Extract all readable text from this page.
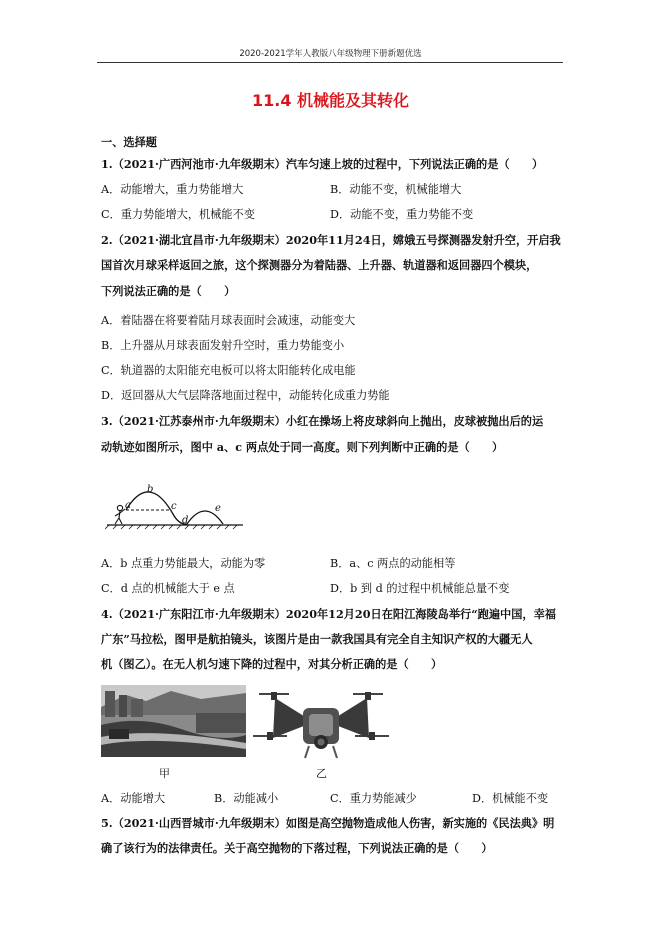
2020-2021学年人教版八年级物理下册新题优选
11.4 机械能及其转化
一、选择题
1.（2021·广西河池市·九年级期末）汽车匀速上坡的过程中，下列说法正确的是（　　）
A．动能增大，重力势能增大	B．动能不变，机械能增大
C．重力势能增大，机械能不变	D．动能不变，重力势能不变
2.（2021·湖北宜昌市·九年级期末）2020年11月24日，嫦娥五号探测器发射升空，开启我
国首次月球采样返回之旅，这个探测器分为着陆器、上升器、轨道器和返回器四个模块，
下列说法正确的是（　　）
A．着陆器在将要着陆月球表面时会减速，动能变大
B．上升器从月球表面发射升空时，重力势能变小
C．轨道器的太阳能充电板可以将太阳能转化成电能
D．返回器从大气层降落地面过程中，动能转化成重力势能
3.（2021·江苏泰州市·九年级期末）小红在操场上将皮球斜向上抛出，皮球被抛出后的运
动轨迹如图所示，图中 a、c 两点处于同一高度。则下列判断中正确的是（　　）
a
b
c
d
e
A．b 点重力势能最大，动能为零	B．a、c 两点的动能相等
C．d 点的机械能大于 e 点	D．b 到 d 的过程中机械能总量不变
4.（2021·广东阳江市·九年级期末）2020年12月20日在阳江海陵岛举行“跑遍中国，幸福
广东”马拉松，图甲是航拍镜头，该图片是由一款我国具有完全自主知识产权的大疆无人
机（图乙）。在无人机匀速下降的过程中，对其分析正确的是（　　）
甲	乙
A．动能增大	B．动能减小	C．重力势能减少	D．机械能不变
5.（2021·山西晋城市·九年级期末）如图是高空抛物造成他人伤害，新实施的《民法典》明
确了该行为的法律责任。关于高空抛物的下落过程，下列说法正确的是（　　）
